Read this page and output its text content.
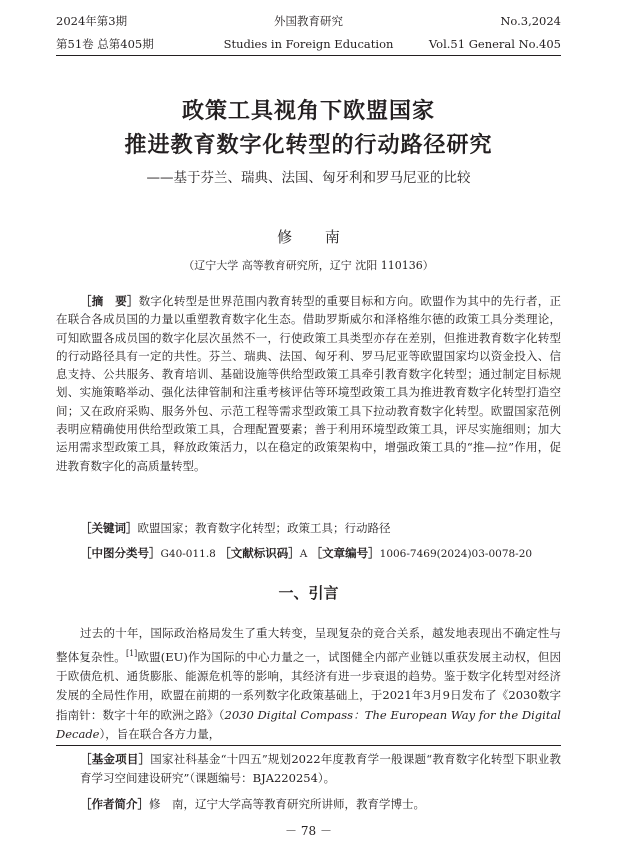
2024年第3期	外国教育研究	No.3,2024
第51卷 总第405期	Studies in Foreign Education	Vol.51 General No.405
政策工具视角下欧盟国家
推进教育数字化转型的行动路径研究
——基于芬兰、瑞典、法国、匈牙利和罗马尼亚的比较
修 南
（辽宁大学 高等教育研究所，辽宁 沈阳 110136）
［摘　要］数字化转型是世界范围内教育转型的重要目标和方向。欧盟作为其中的先行者，正在联合各成员国的力量以重塑教育数字化生态。借助罗斯威尔和泽格维尔德的政策工具分类理论，可知欧盟各成员国的数字化层次虽然不一，行使政策工具类型亦存在差别，但推进教育数字化转型的行动路径具有一定的共性。芬兰、瑞典、法国、匈牙利、罗马尼亚等欧盟国家均以资金投入、信息支持、公共服务、教育培训、基础设施等供给型政策工具牵引教育数字化转型；通过制定目标规划、实施策略举动、强化法律管制和注重考核评估等环境型政策工具为推进教育数字化转型打造空间；又在政府采购、服务外包、示范工程等需求型政策工具下拉动教育数字化转型。欧盟国家范例表明应精确使用供给型政策工具，合理配置要素；善于利用环境型政策工具，评尽实施细则；加大运用需求型政策工具，释放政策活力，以在稳定的政策架构中，增强政策工具的“推—拉”作用，促进教育数字化的高质量转型。
［关键词］欧盟国家；教育数字化转型；政策工具；行动路径
［中图分类号］G40-011.8 ［文献标识码］A ［文章编号］1006-7469(2024)03-0078-20
一、引言
过去的十年，国际政治格局发生了重大转变，呈现复杂的竞合关系，越发地表现出不确定性与整体复杂性。[1]欧盟(EU)作为国际的中心力量之一，试图健全内部产业链以重获发展主动权，但因于欧债危机、通货膨胀、能源危机等的影响，其经济有进一步衰退的趋势。鉴于数字化转型对经济发展的全局性作用，欧盟在前期的一系列数字化政策基础上，于2021年3月9日发布了《2030数字指南针：数字十年的欧洲之路》（2030 Digital Compass：The European Way for the Digital Decade），旨在联合各方力量，
［基金项目］国家社科基金“十四五”规划2022年度教育学一般课题“教育数字化转型下职业教育学习空间建设研究”（课题编号：BJA220254）。
［作者简介］修　南，辽宁大学高等教育研究所讲师，教育学博士。
－ 78 －
